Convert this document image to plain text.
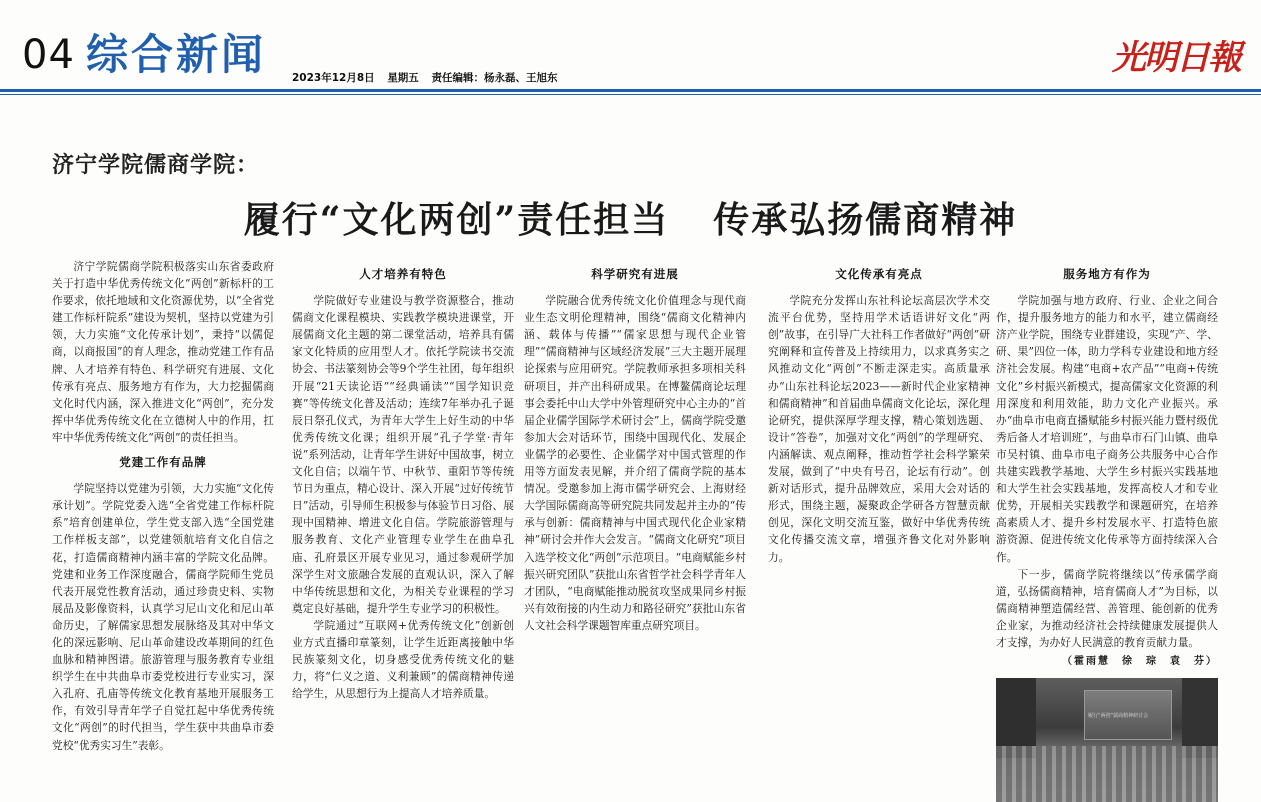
04 综合新闻 2023年12月8日 星期五 责任编辑：杨永磊、王旭东	光明日報
济宁学院儒商学院：
履行“文化两创”责任担当 传承弘扬儒商精神

济宁学院儒商学院积极落实山东省委政府关于打造中华优秀传统文化“两创”新标杆的工作要求，依托地域和文化资源优势，以“全省党建工作标杆院系”建设为契机，坚持以党建为引领，大力实施“文化传承计划”，秉持“以儒促商，以商报国”的育人理念，推动党建工作有品牌、人才培养有特色、科学研究有进展、文化传承有亮点、服务地方有作为，大力挖掘儒商文化时代内涵，深入推进文化“两创”，充分发挥中华优秀传统文化在立德树人中的作用，扛牢中华优秀传统文化“两创”的责任担当。

党建工作有品牌

学院坚持以党建为引领，大力实施“文化传承计划”。学院党委入选“全省党建工作标杆院系”培育创建单位，学生党支部入选“全国党建工作样板支部”，以党建领航培育文化自信之花，打造儒商精神内涵丰富的学院文化品牌。党建和业务工作深度融合，儒商学院师生党员代表开展党性教育活动，通过珍贵史料、实物展品及影像资料，认真学习尼山文化和尼山革命历史，了解儒家思想发展脉络及其对中华文化的深远影响、尼山革命建设改革期间的红色血脉和精神图谱。旅游管理与服务教育专业组织学生在中共曲阜市委党校进行专业实习，深入孔府、孔庙等传统文化教育基地开展服务工作，有效引导青年学子自觉扛起中华优秀传统文化“两创”的时代担当，学生获中共曲阜市委党校“优秀实习生”表彰。

人才培养有特色

学院做好专业建设与教学资源整合，推动儒商文化课程模块、实践教学模块进课堂，开展儒商文化主题的第二课堂活动，培养具有儒家文化特质的应用型人才。依托学院读书交流协会、书法篆刻协会等9个学生社团，每年组织开展“21天读论语”“经典诵读”“国学知识竞赛”等传统文化普及活动；连续7年举办孔子诞辰日祭孔仪式，为青年大学生上好生动的中华优秀传统文化课；组织开展“孔子学堂·青年说”系列活动，让青年学生讲好中国故事，树立文化自信；以端午节、中秋节、重阳节等传统节日为重点，精心设计、深入开展“过好传统节日”活动，引导师生积极参与体验节日习俗、展现中国精神、增进文化自信。学院旅游管理与服务教育、文化产业管理专业学生在曲阜孔庙、孔府景区开展专业见习，通过参观研学加深学生对文旅融合发展的直观认识，深入了解中华传统思想和文化，为相关专业课程的学习奠定良好基础，提升学生专业学习的积极性。

学院通过“互联网+优秀传统文化”创新创业方式直播印章篆刻，让学生近距离接触中华民族篆刻文化，切身感受优秀传统文化的魅力，将“仁义之道、义利兼顾”的儒商精神传递给学生，从思想行为上提高人才培养质量。

科学研究有进展

学院融合优秀传统文化价值理念与现代商业生态文明伦理精神，围绕“儒商文化精神内涵、载体与传播”“儒家思想与现代企业管理”“儒商精神与区域经济发展”三大主题开展理论探索与应用研究。学院教师承担多项相关科研项目，并产出科研成果。在博鳌儒商论坛理事会委托中山大学中外管理研究中心主办的“首届企业儒学国际学术研讨会”上，儒商学院受邀参加大会对话环节，围绕中国现代化、发展企业儒学的必要性、企业儒学对中国式管理的作用等方面发表见解，并介绍了儒商学院的基本情况。受邀参加上海市儒学研究会、上海财经大学国际儒商高等研究院共同发起并主办的“传承与创新：儒商精神与中国式现代化企业家精神”研讨会并作大会发言。“儒商文化研究”项目入选学校文化“两创”示范项目。“电商赋能乡村振兴研究团队”获批山东省哲学社会科学青年人才团队，“电商赋能推动脱贫攻坚成果同乡村振兴有效衔接的内生动力和路径研究”获批山东省人文社会科学课题智库重点研究项目。

文化传承有亮点

学院充分发挥山东社科论坛高层次学术交流平台优势，坚持用学术话语讲好文化“两创”故事，在引导广大社科工作者做好“两创”研究阐释和宣传普及上持续用力，以求真务实之风推动文化“两创”不断走深走实。高质量承办“山东社科论坛2023——新时代企业家精神和儒商精神”和首届曲阜儒商文化论坛，深化理论研究，提供深厚学理支撑，精心策划选题、设计“答卷”，加强对文化“两创”的学理研究、内涵解读、观点阐释，推动哲学社会科学繁荣发展，做到了“中央有号召，论坛有行动”。创新对话形式，提升品牌效应，采用大会对话的形式，围绕主题，凝聚政企学研各方智慧贡献创见，深化文明交流互鉴，做好中华优秀传统文化传播交流文章，增强齐鲁文化对外影响力。

服务地方有作为

学院加强与地方政府、行业、企业之间合作，提升服务地方的能力和水平，建立儒商经济产业学院，围绕专业群建设，实现“产、学、研、果”四位一体，助力学科专业建设和地方经济社会发展。构建“电商+农产品”“电商+传统文化”乡村振兴新模式，提高儒家文化资源的利用深度和利用效能，助力文化产业振兴。承办“曲阜市电商直播赋能乡村振兴能力暨村级优秀后备人才培训班”，与曲阜市石门山镇、曲阜市吴村镇、曲阜市电子商务公共服务中心合作共建实践教学基地、大学生乡村振兴实践基地和大学生社会实践基地，发挥高校人才和专业优势，开展相关实践教学和课题研究，在培养高素质人才、提升乡村发展水平、打造特色旅游资源、促进传统文化传承等方面持续深入合作。

下一步，儒商学院将继续以“传承儒学商道，弘扬儒商精神，培育儒商人才”为目标，以儒商精神塑造儒经营、善管理、能创新的优秀企业家，为推动经济社会持续健康发展提供人才支撑，为办好人民满意的教育贡献力量。

（霍雨慧　徐　琮　袁　芬）

履行“两创”儒商精神研讨会
